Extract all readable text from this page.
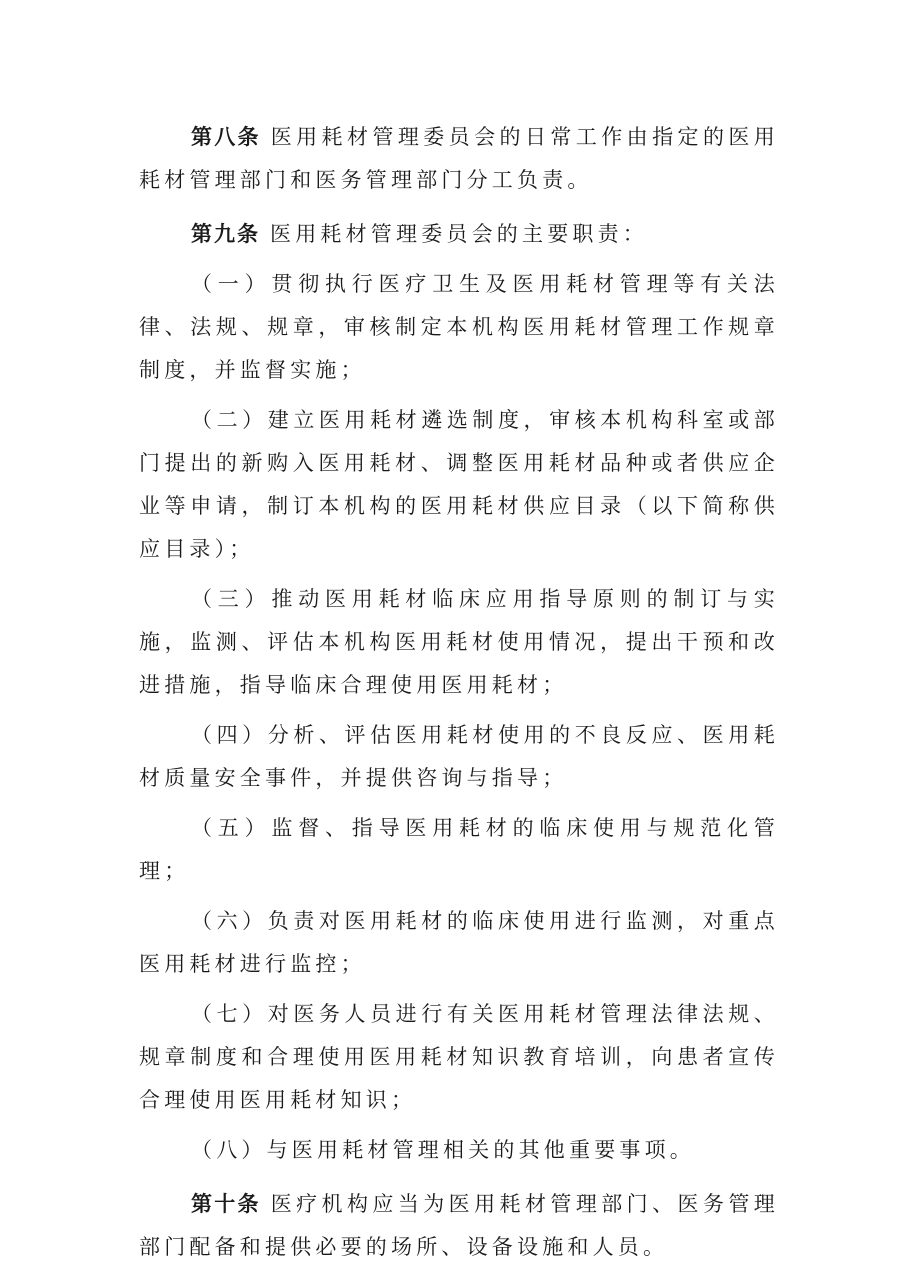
第八条 医用耗材管理委员会的日常工作由指定的医用耗材管理部门和医务管理部门分工负责。

第九条 医用耗材管理委员会的主要职责：

（一）贯彻执行医疗卫生及医用耗材管理等有关法律、法规、规章，审核制定本机构医用耗材管理工作规章制度，并监督实施；

（二）建立医用耗材遴选制度，审核本机构科室或部门提出的新购入医用耗材、调整医用耗材品种或者供应企业等申请，制订本机构的医用耗材供应目录（以下简称供应目录）；

（三）推动医用耗材临床应用指导原则的制订与实施，监测、评估本机构医用耗材使用情况，提出干预和改进措施，指导临床合理使用医用耗材；

（四）分析、评估医用耗材使用的不良反应、医用耗材质量安全事件，并提供咨询与指导；

（五）监督、指导医用耗材的临床使用与规范化管理；

（六）负责对医用耗材的临床使用进行监测，对重点医用耗材进行监控；

（七）对医务人员进行有关医用耗材管理法律法规、规章制度和合理使用医用耗材知识教育培训，向患者宣传合理使用医用耗材知识；

（八）与医用耗材管理相关的其他重要事项。

第十条 医疗机构应当为医用耗材管理部门、医务管理部门配备和提供必要的场所、设备设施和人员。
